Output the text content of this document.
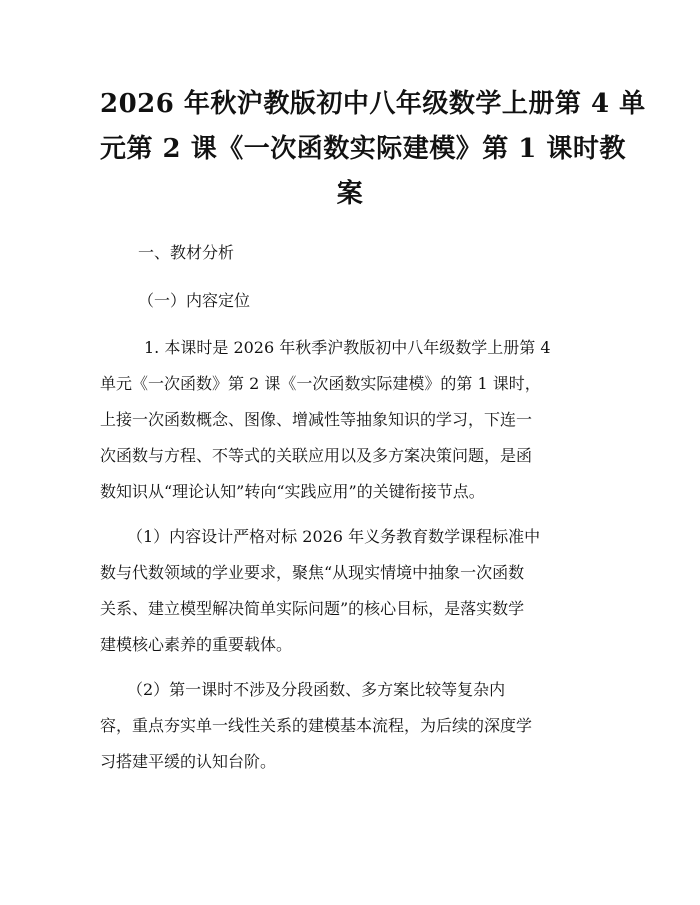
2026 年秋沪教版初中八年级数学上册第 4 单
元第 2 课《一次函数实际建模》第 1 课时教
案

一、教材分析

（一）内容定位

1. 本课时是 2026 年秋季沪教版初中八年级数学上册第 4
单元《一次函数》第 2 课《一次函数实际建模》的第 1 课时，
上接一次函数概念、图像、增减性等抽象知识的学习，下连一
次函数与方程、不等式的关联应用以及多方案决策问题，是函
数知识从“理论认知”转向“实践应用”的关键衔接节点。
（1）内容设计严格对标 2026 年义务教育数学课程标准中
数与代数领域的学业要求，聚焦“从现实情境中抽象一次函数
关系、建立模型解决简单实际问题”的核心目标，是落实数学
建模核心素养的重要载体。
（2）第一课时不涉及分段函数、多方案比较等复杂内
容，重点夯实单一线性关系的建模基本流程，为后续的深度学
习搭建平缓的认知台阶。
